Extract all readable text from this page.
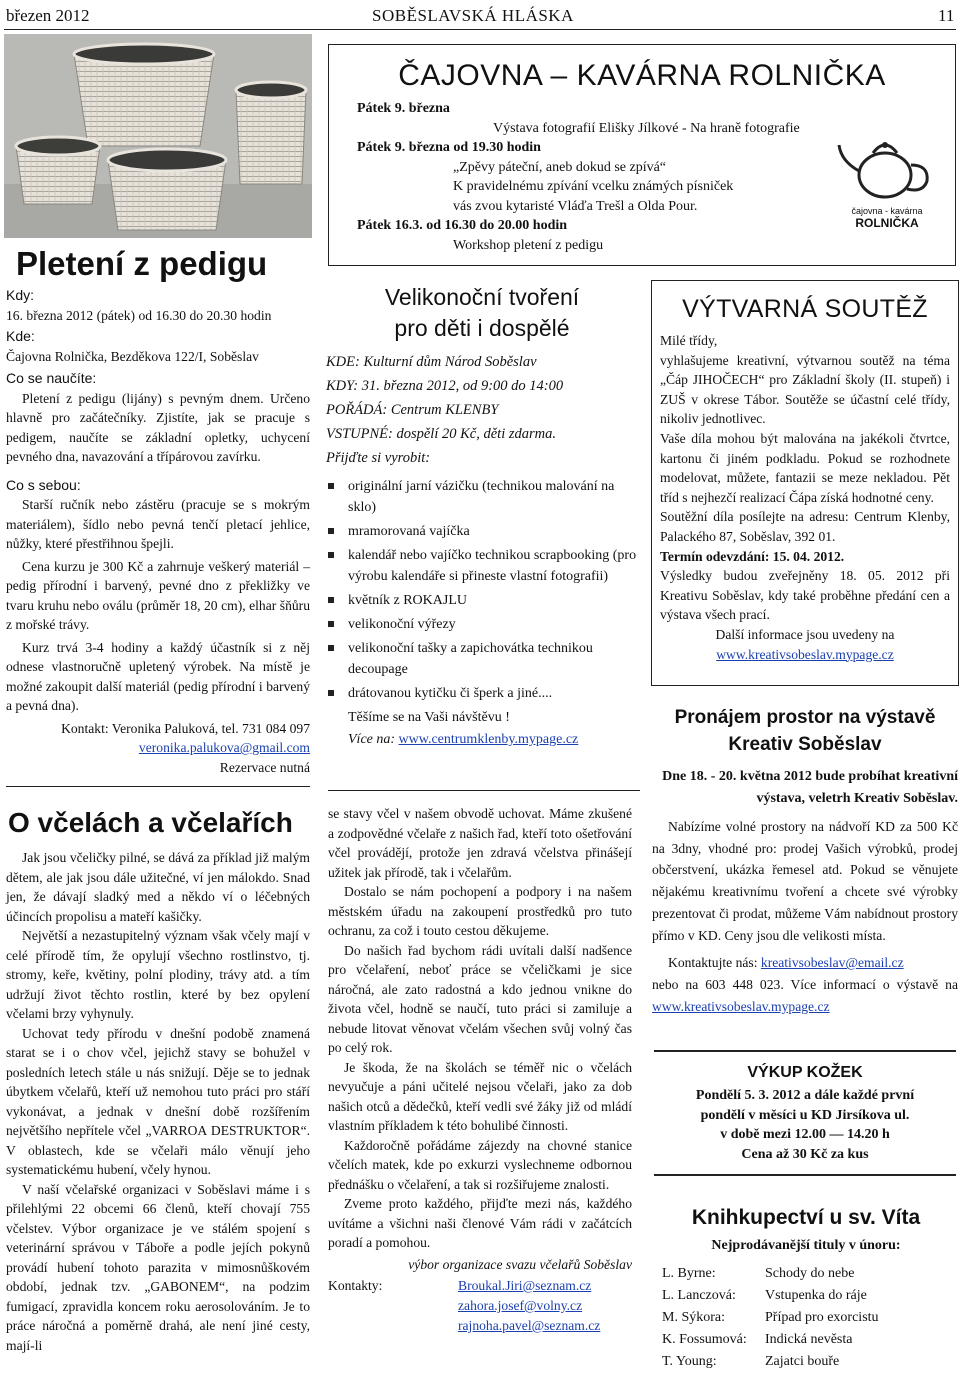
březen 2012	SOBĚSLAVSKÁ HLÁSKA	11
Pletení z pedigu
Kdy:
16. března 2012 (pátek) od 16.30 do 20.30 hodin
Kde:
Čajovna Rolnička, Bezděkova 122/I, Soběslav
Co se naučíte:

Pletení z pedigu (lijány) s pevným dnem. Určeno hlavně pro začátečníky. Zjistíte, jak se pracuje s pedigem, naučíte se základní opletky, uchycení pevného dna, navazování a třípárovou zavírku.

Co s sebou:

Starší ručník nebo zástěru (pracuje se s mokrým materiálem), šídlo nebo pevná tenčí pletací jehlice, nůžky, které přestřihnou špejli.

Cena kurzu je 300 Kč a zahrnuje veškerý materiál – pedig přírodní i barvený, pevné dno z překližky ve tvaru kruhu nebo oválu (průměr 18, 20 cm), elhar šňůru z mořské trávy.

Kurz trvá 3-4 hodiny a každý účastník si z něj odnese vlastnoručně upletený výrobek. Na místě je možné zakoupit další materiál (pedig přírodní i barvený a pevná dna).

Kontakt: Veronika Paluková, tel. 731 084 097
veronika.palukova@gmail.com
Rezervace nutná
O včelách a včelařích

Jak jsou včeličky pilné, se dává za příklad již malým dětem, ale jak jsou dále užitečné, ví jen málokdo. Snad jen, že dávají sladký med a někdo ví o léčebných účincích propolisu a mateří kašičky.

Největší a nezastupitelný význam však včely mají v celé přírodě tím, že opylují všechno rostlinstvo, tj. stromy, keře, květiny, polní plodiny, trávy atd. a tím udržují život těchto rostlin, které by bez opylení včelami brzy vyhynuly.

Uchovat tedy přírodu v dnešní podobě znamená starat se i o chov včel, jejichž stavy se bohužel v posledních letech stále u nás snižují. Děje se to jednak úbytkem včelařů, kteří už nemohou tuto práci pro stáří vykonávat, a jednak v dnešní době rozšířením největšího nepřítele včel „VARROA DESTRUKTOR“. V oblastech, kde se včelaři málo věnují jeho systematickému hubení, včely hynou.

V naší včelařské organizaci v Soběslavi máme i s přilehlými 22 obcemi 66 členů, kteří chovají 755 včelstev. Výbor organizace je ve stálém spojení s veterinární správou v Táboře a podle jejích pokynů provádí hubení tohoto parazita v mimosnůškovém období, jednak tzv. „GABONEM“, na podzim fumigací, zpravidla koncem roku aerosolováním. Je to práce náročná a poměrně drahá, ale není jiné cesty, mají-li

ČAJOVNA – KAVÁRNA ROLNIČKA
Pátek 9. března
Výstava fotografií Elišky Jílkové - Na hraně fotografie
Pátek 9. března od 19.30 hodin
„Zpěvy páteční, aneb dokud se zpívá“
K pravidelnému zpívání vcelku známých písniček
vás zvou kytaristé Vláďa Trešl a Olda Pour.
Pátek 16.3. od 16.30 do 20.00 hodin
Workshop pletení z pedigu
čajovna - kavárna
ROLNIČKA
Velikonoční tvoření
pro děti i dospělé
KDE: Kulturní dům Národ Soběslav
KDY: 31. března 2012, od 9:00 do 14:00
POŘÁDÁ: Centrum KLENBY
VSTUPNÉ: dospělí 20 Kč, děti zdarma.
Přijďte si vyrobit:
originální jarní vázičku (technikou malování na sklo)
mramorovaná vajíčka
kalendář nebo vajíčko technikou scrapbooking (pro výrobu kalendáře si přineste vlastní fotografii)
květník z ROKAJLU
velikonoční výřezy
velikonoční tašky a zapichovátka technikou decoupage
drátovanou kytičku či šperk a jiné....
Těšíme se na Vaši návštěvu !
Více na: www.centrumklenby.mypage.cz

se stavy včel v našem obvodě uchovat. Máme zkušené a zodpovědné včelaře z našich řad, kteří toto ošetřování včel provádějí, protože jen zdravá včelstva přinášejí užitek jak přírodě, tak i včelařům.

Dostalo se nám pochopení a podpory i na našem městském úřadu na zakoupení prostředků pro tuto ochranu, za což i touto cestou děkujeme.

Do našich řad bychom rádi uvítali další nadšence pro včelaření, neboť práce se včeličkami je sice náročná, ale zato radostná a kdo jednou vnikne do života včel, hodně se naučí, tuto práci si zamiluje a nebude litovat věnovat včelám všechen svůj volný čas po celý rok.

Je škoda, že na školách se téměř nic o včelách nevyučuje a páni učitelé nejsou včelaři, jako za dob našich otců a dědečků, kteří vedli své žáky již od mládí vlastním příkladem k této bohulibé činnosti.

Každoročně pořádáme zájezdy na chovné stanice včelích matek, kde po exkurzi vyslechneme odbornou přednášku o včelaření, a tak si rozšiřujeme znalosti.

Zveme proto každého, přijďte mezi nás, každého uvítáme a všichni naši členové Vám rádi v začátcích poradí a pomohou.

výbor organizace svazu včelařů Soběslav
Kontakty:	Broukal.Jiri@seznam.cz
zahora.josef@volny.cz
rajnoha.pavel@seznam.cz
VÝTVARNÁ SOUTĚŽ
Milé třídy,
vyhlašujeme kreativní, výtvarnou soutěž na téma „Čáp JIHOČECH“ pro Základní školy (II. stupeň) i ZUŠ v okrese Tábor. Soutěže se účastní celé třídy, nikoliv jednotlivec.
Vaše díla mohou být malována na jakékoli čtvrtce, kartonu či jiném podkladu. Pokud se rozhodnete modelovat, můžete, fantazii se meze nekladou. Pět tříd s nejhezčí realizací Čápa získá hodnotné ceny.
Soutěžní díla posílejte na adresu: Centrum Klenby, Palackého 87, Soběslav, 392 01.
Termín odevzdání: 15. 04. 2012.
Výsledky budou zveřejněny 18. 05. 2012 při Kreativu Soběslav, kdy také proběhne předání cen a výstava všech prací.
Další informace jsou uvedeny na
www.kreativsobeslav.mypage.cz
Pronájem prostor na výstavě
Kreativ Soběslav
Dne 18. - 20. května 2012 bude probíhat kreativní výstava, veletrh Kreativ Soběslav.

Nabízíme volné prostory na nádvoří KD za 500 Kč na 3dny, vhodné pro: prodej Vašich výrobků, prodej občerstvení, ukázka řemesel atd. Pokud se věnujete nějakému kreativnímu tvoření a chcete své výrobky prezentovat či prodat, můžeme Vám nabídnout prostory přímo v KD. Ceny jsou dle velikosti místa.

Kontaktujte nás: kreativsobeslav@email.cz

nebo na 603 448 023. Více informací o výstavě na www.kreativsobeslav.mypage.cz

VÝKUP KOŽEK
Pondělí 5. 3. 2012 a dále každé první
pondělí v měsíci u KD Jirsíkova ul.
v době mezi 12.00 — 14.20 h
Cena až 30 Kč za kus
Knihkupectví u sv. Víta
Nejprodávanější tituly v únoru:
L. Byrne:	Schody do nebe
L. Lanczová:	Vstupenka do ráje
M. Sýkora:	Případ pro exorcistu
K. Fossumová:	Indická nevěsta
T. Young:	Zajatci bouře
